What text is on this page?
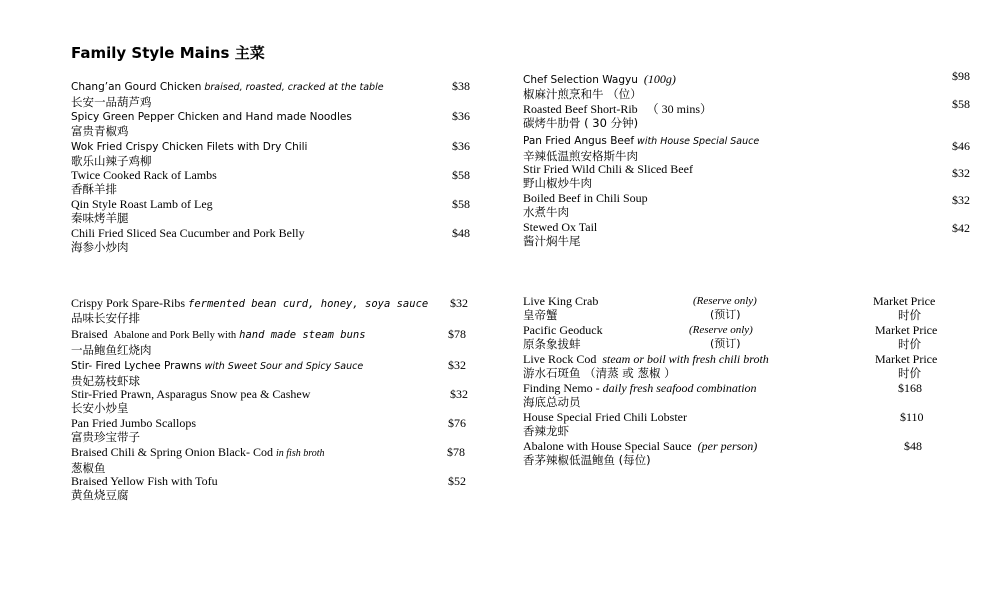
Family Style Mains 主菜
Chang’an Gourd Chicken braised, roasted, cracked at the table
长安一品葫芦鸡
$38
Spicy Green Pepper Chicken and Hand made Noodles
富贵青椒鸡
$36
Wok Fried Crispy Chicken Filets with Dry Chili
歌乐山辣子鸡柳
$36
Twice Cooked Rack of Lambs
香酥羊排
$58
Qin Style Roast Lamb of Leg
秦味烤羊腿
$58
Chili Fried Sliced Sea Cucumber and Pork Belly
海参小炒肉
$48
Chef Selection Wagyu (100g)
椒麻汁煎烹和牛 （位）
$98
Roasted Beef Short-Rib （ 30 mins）
碳烤牛肋骨 ( 30 分钟)
$58
Pan Fried Angus Beef with House Special Sauce
辛辣低温煎安格斯牛肉
$46
Stir Fried Wild Chili & Sliced Beef
野山椒炒牛肉
$32
Boiled Beef in Chili Soup
水煮牛肉
$32
Stewed Ox Tail
酱汁焖牛尾
$42
Crispy Pork Spare-Ribs fermented bean curd, honey, soya sauce
品味长安仔排
$32
Braised Abalone and Pork Belly with hand made steam buns
一品鲍鱼红烧肉
$78
Stir- Fired Lychee Prawns with Sweet Sour and Spicy Sauce
贵妃荔枝虾球
$32
Stir-Fried Prawn, Asparagus Snow pea & Cashew
长安小炒皇
$32
Pan Fried Jumbo Scallops
富贵珍宝带子
$76
Braised Chili & Spring Onion Black- Cod in fish broth
葱椒鱼
$78
Braised Yellow Fish with Tofu
黄鱼烧豆腐
$52
Live King Crab
皇帝蟹
(Reserve only)
(预订)
Market Price
时价
Pacific Geoduck
原条象拔蚌
(Reserve only)
(预订)
Market Price
时价
Live Rock Cod steam or boil with fresh chili broth
游水石斑鱼 （清蒸 或 葱椒 ）
Market Price
时价
Finding Nemo - daily fresh seafood combination
海底总动员
$168
House Special Fried Chili Lobster
香辣龙虾
$110
Abalone with House Special Sauce (per person)
香茅辣椒低温鲍鱼 (每位)
$48
